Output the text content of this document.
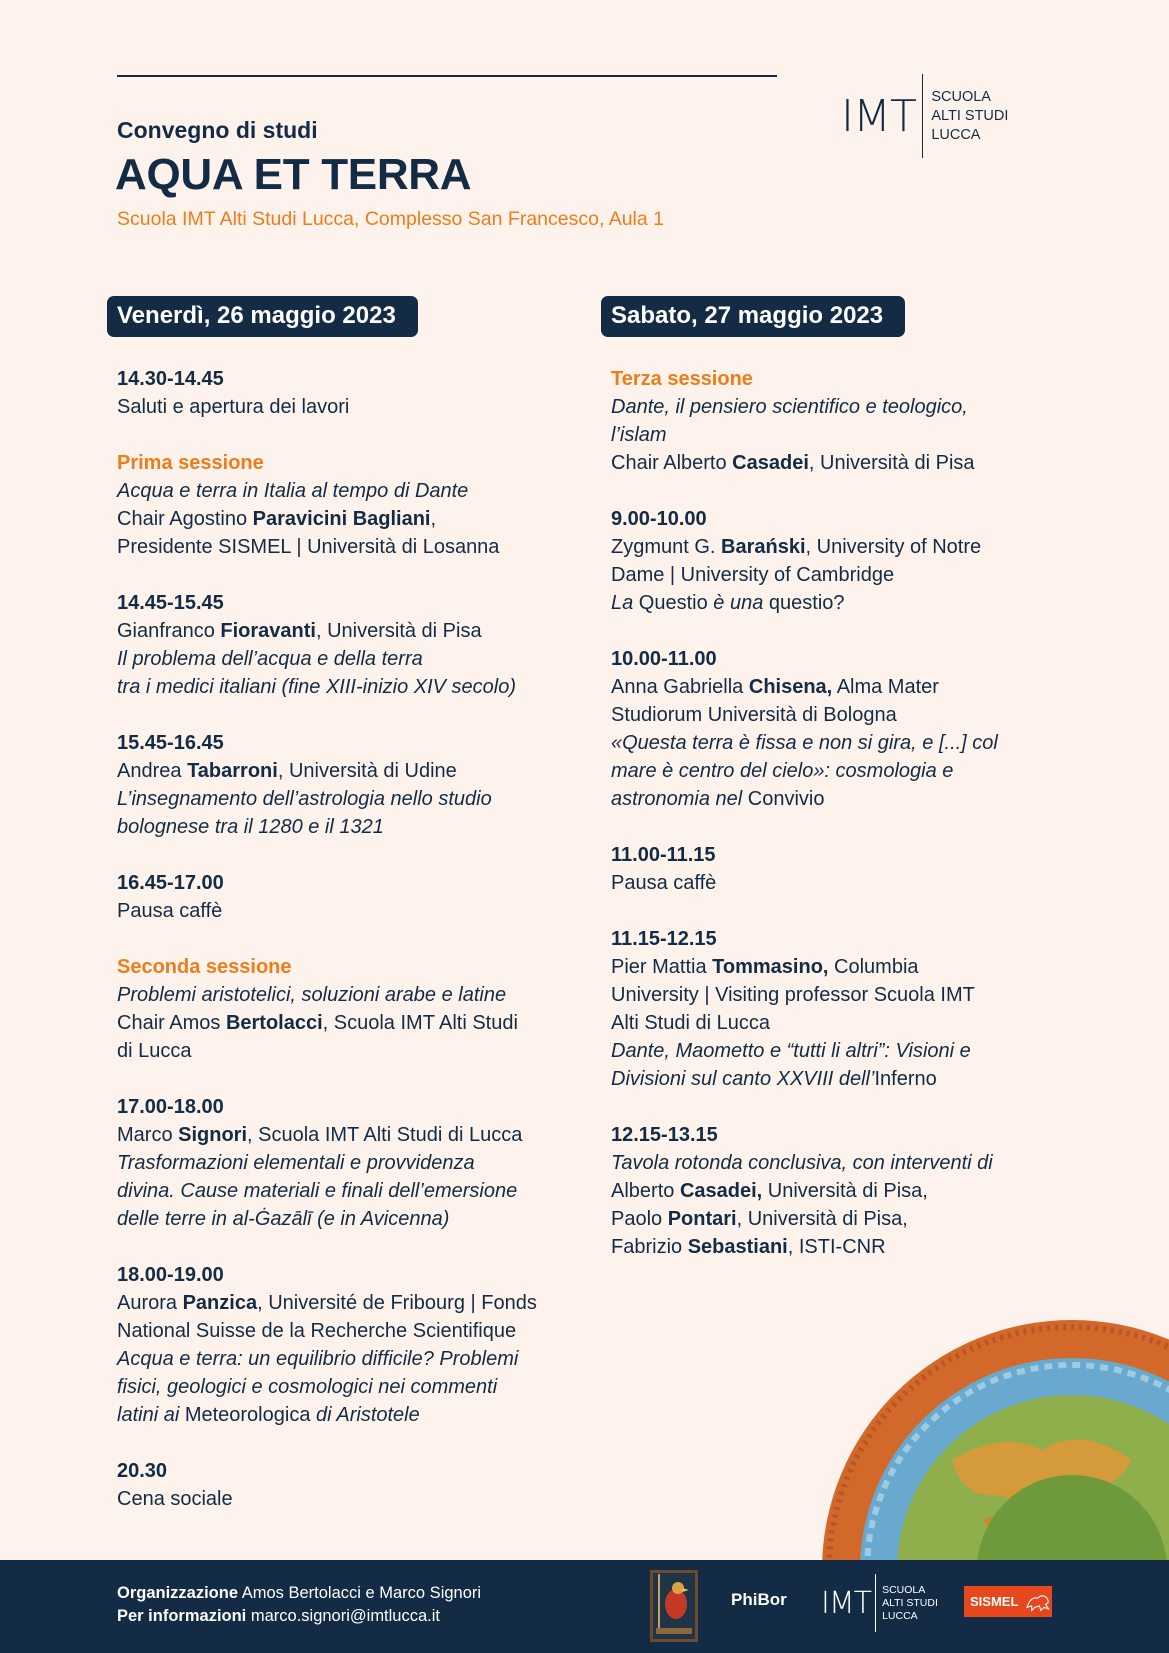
IMT SCUOLA
ALTI STUDI
LUCCA
Convegno di studi
AQUA ET TERRA
Scuola IMT Alti Studi Lucca, Complesso San Francesco, Aula 1
Venerdì, 26 maggio 2023
14.30-14.45
Saluti e apertura dei lavori
Prima sessione
Acqua e terra in Italia al tempo di Dante
Chair Agostino Paravicini Bagliani,
Presidente SISMEL | Università di Losanna
14.45-15.45
Gianfranco Fioravanti, Università di Pisa
Il problema dell’acqua e della terra
tra i medici italiani (fine XIII-inizio XIV secolo)
15.45-16.45
Andrea Tabarroni, Università di Udine
L’insegnamento dell’astrologia nello studio
bolognese tra il 1280 e il 1321
16.45-17.00
Pausa caffè
Seconda sessione
Problemi aristotelici, soluzioni arabe e latine
Chair Amos Bertolacci, Scuola IMT Alti Studi
di Lucca
17.00-18.00
Marco Signori, Scuola IMT Alti Studi di Lucca
Trasformazioni elementali e provvidenza
divina. Cause materiali e finali dell’emersione
delle terre in al-Ġazālī (e in Avicenna)
18.00-19.00
Aurora Panzica, Université de Fribourg | Fonds
National Suisse de la Recherche Scientifique
Acqua e terra: un equilibrio difficile? Problemi
fisici, geologici e cosmologici nei commenti
latini ai Meteorologica di Aristotele
20.30
Cena sociale
Sabato, 27 maggio 2023
Terza sessione
Dante, il pensiero scientifico e teologico,
l’islam
Chair Alberto Casadei, Università di Pisa
9.00-10.00
Zygmunt G. Barański, University of Notre
Dame | University of Cambridge
La Questio è una questio?
10.00-11.00
Anna Gabriella Chisena, Alma Mater
Studiorum Università di Bologna
«Questa terra è fissa e non si gira, e [...] col
mare è centro del cielo»: cosmologia e
astronomia nel Convivio
11.00-11.15
Pausa caffè
11.15-12.15
Pier Mattia Tommasino, Columbia
University | Visiting professor Scuola IMT
Alti Studi di Lucca
Dante, Maometto e “tutti li altri”: Visioni e
Divisioni sul canto XXVIII dell’Inferno
12.15-13.15
Tavola rotonda conclusiva, con interventi di
Alberto Casadei, Università di Pisa,
Paolo Pontari, Università di Pisa,
Fabrizio Sebastiani, ISTI-CNR
Organizzazione Amos Bertolacci e Marco Signori
Per informazioni marco.signori@imtlucca.it
PhiBor IMT SCUOLA
ALTI STUDI
LUCCA
SISMEL
